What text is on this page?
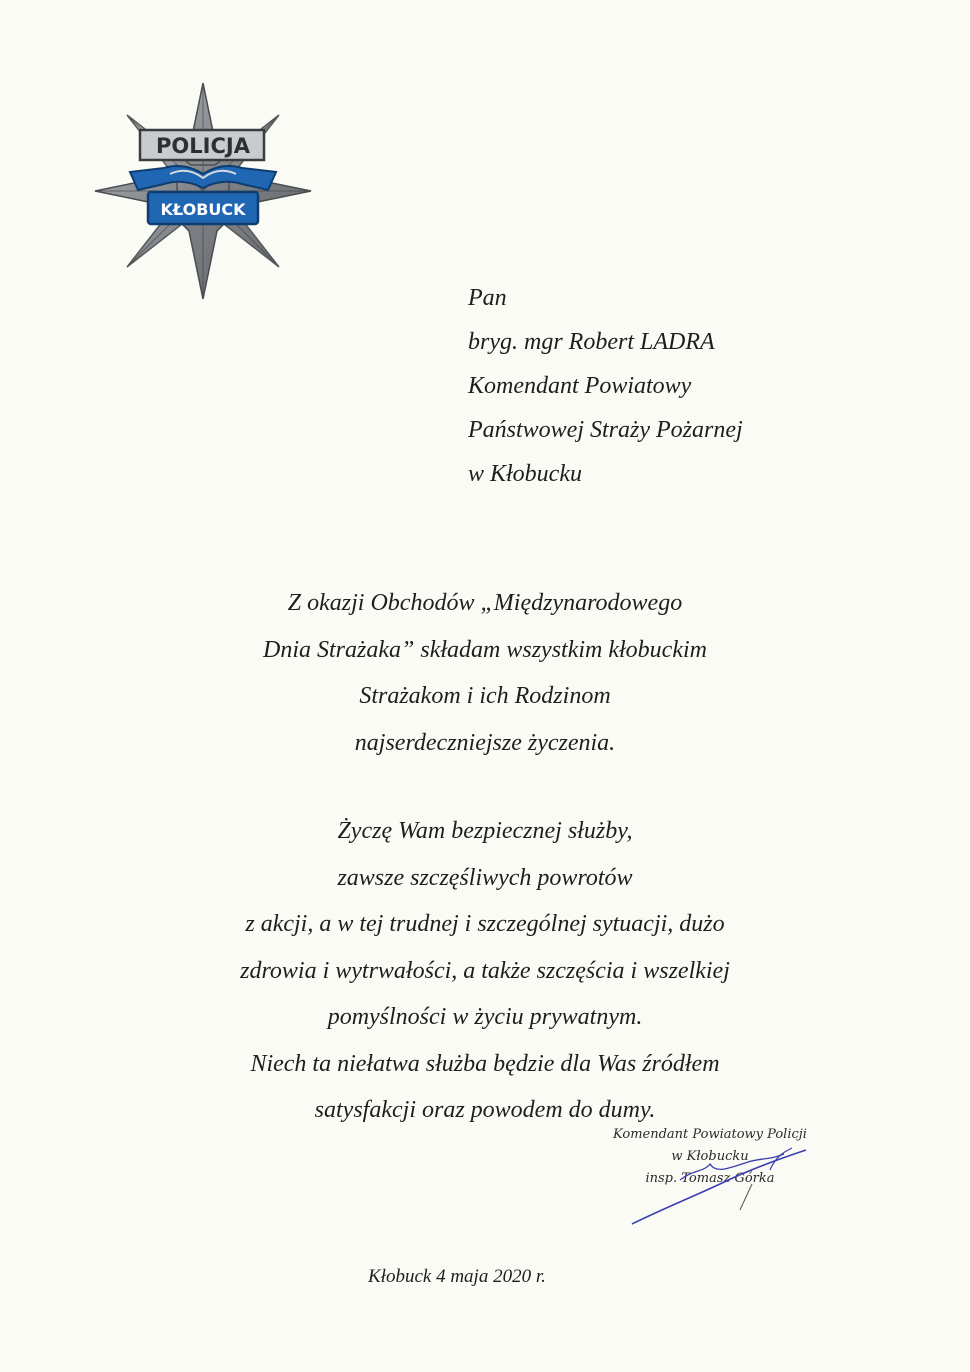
POLICJA
KŁOBUCK
Pan
bryg. mgr Robert LADRA
Komendant Powiatowy
Państwowej Straży Pożarnej
w Kłobucku
Z okazji Obchodów „Międzynarodowego
Dnia Strażaka” składam wszystkim kłobuckim
Strażakom i ich Rodzinom
najserdeczniejsze życzenia.
Życzę Wam bezpiecznej służby,
zawsze szczęśliwych powrotów
z akcji, a w tej trudnej i szczególnej sytuacji, dużo
zdrowia i wytrwałości, a także szczęścia i wszelkiej
pomyślności w życiu prywatnym.
Niech ta niełatwa służba będzie dla Was źródłem
satysfakcji oraz powodem do dumy.
Komendant Powiatowy Policji
w Kłobucku
insp. Tomasz Górka
Kłobuck 4 maja 2020 r.
